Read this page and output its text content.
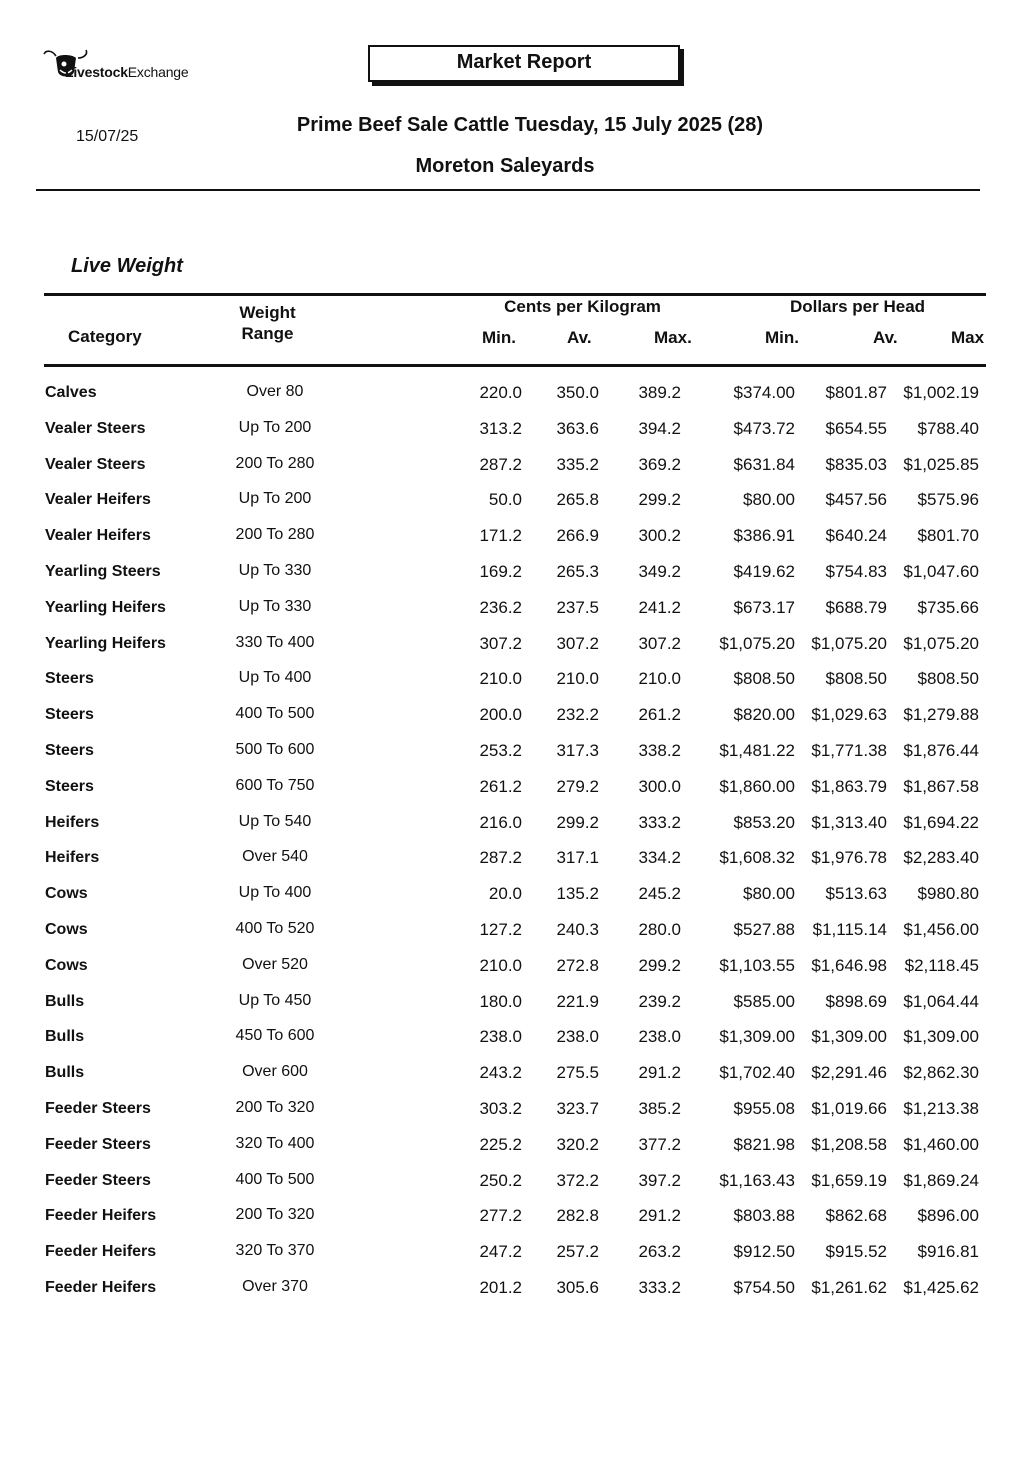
LivestockExchange	Market Report
15/07/25
Prime Beef Sale Cattle Tuesday, 15 July 2025 (28)
Moreton Saleyards
Live Weight
Cents per Kilogram	Dollars per Head
Weight
Range
Category	Min.	Av.	Max.	Min.	Av.	Max
Calves	Over 80	220.0	350.0	389.2	$374.00	$801.87 $1,002.19
Vealer Steers	Up To 200	313.2	363.6	394.2	$473.72	$654.55	$788.40
Vealer Steers	200 To 280	287.2	335.2	369.2	$631.84	$835.03 $1,025.85
Vealer Heifers	Up To 200	50.0	265.8	299.2	$80.00	$457.56	$575.96
Vealer Heifers	200 To 280	171.2	266.9	300.2	$386.91	$640.24	$801.70
Yearling Steers	Up To 330	169.2	265.3	349.2	$419.62	$754.83 $1,047.60
Yearling Heifers	Up To 330	236.2	237.5	241.2	$673.17	$688.79	$735.66
Yearling Heifers	330 To 400	307.2	307.2	307.2	$1,075.20 $1,075.20 $1,075.20
Steers	Up To 400	210.0	210.0	210.0	$808.50	$808.50	$808.50
Steers	400 To 500	200.0	232.2	261.2	$820.00 $1,029.63 $1,279.88
Steers	500 To 600	253.2	317.3	338.2	$1,481.22 $1,771.38 $1,876.44
Steers	600 To 750	261.2	279.2	300.0	$1,860.00 $1,863.79 $1,867.58
Heifers	Up To 540	216.0	299.2	333.2	$853.20 $1,313.40 $1,694.22
Heifers	Over 540	287.2	317.1	334.2	$1,608.32 $1,976.78 $2,283.40
Cows	Up To 400	20.0	135.2	245.2	$80.00	$513.63	$980.80
Cows	400 To 520	127.2	240.3	280.0	$527.88	$1,115.14 $1,456.00
Cows	Over 520	210.0	272.8	299.2	$1,103.55 $1,646.98	$2,118.45
Bulls	Up To 450	180.0	221.9	239.2	$585.00	$898.69 $1,064.44
Bulls	450 To 600	238.0	238.0	238.0	$1,309.00 $1,309.00 $1,309.00
Bulls	Over 600	243.2	275.5	291.2	$1,702.40 $2,291.46 $2,862.30
Feeder Steers	200 To 320	303.2	323.7	385.2	$955.08 $1,019.66 $1,213.38
Feeder Steers	320 To 400	225.2	320.2	377.2	$821.98 $1,208.58 $1,460.00
Feeder Steers	400 To 500	250.2	372.2	397.2	$1,163.43 $1,659.19 $1,869.24
Feeder Heifers	200 To 320	277.2	282.8	291.2	$803.88	$862.68	$896.00
Feeder Heifers	320 To 370	247.2	257.2	263.2	$912.50	$915.52	$916.81
Feeder Heifers	Over 370	201.2	305.6	333.2	$754.50 $1,261.62 $1,425.62
